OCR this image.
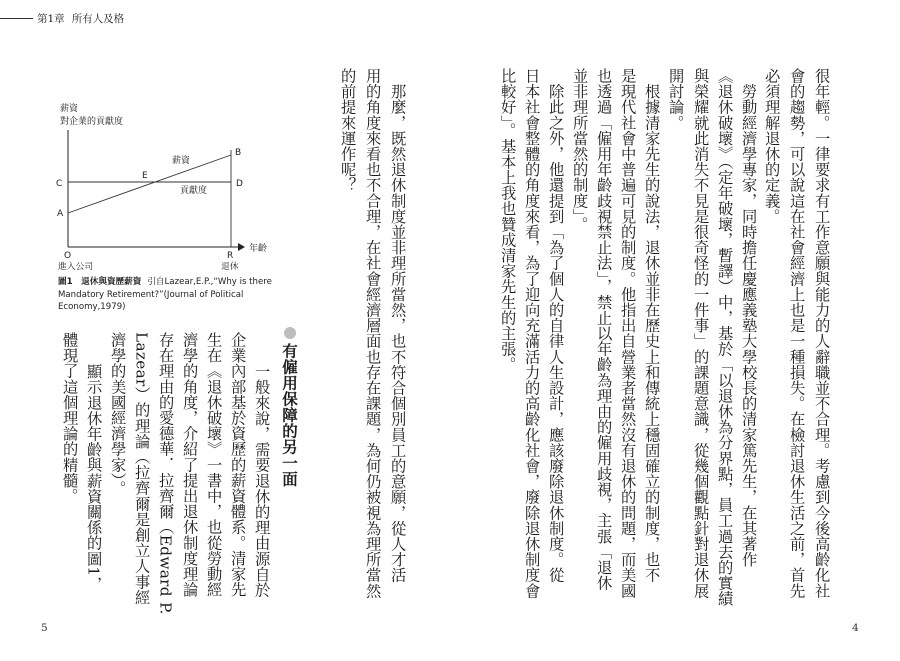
第1章 所有人及格
很年輕。一律要求有工作意願與能力的人辭職並不合理。考慮到今後高齡化社
會的趨勢，可以說這在社會經濟上也是一種損失。在檢討退休生活之前，首先
必須理解退休的定義。
　勞動經濟學專家，同時擔任慶應義塾大學校長的清家篤先生，在其著作
《退休破壞》（定年破壞，暫譯）中，基於「以退休為分界點，員工過去的實績
與榮耀就此消失不見是很奇怪的一件事」的課題意識，從幾個觀點針對退休展
開討論。
　根據清家先生的說法，退休並非在歷史上和傳統上穩固確立的制度，也不
是現代社會中普遍可見的制度。他指出自營業者當然沒有退休的問題，而美國
也透過「僱用年齡歧視禁止法」，禁止以年齡為理由的僱用歧視，主張「退休
並非理所當然的制度」。
　除此之外，他還提到「為了個人的自律人生設計，應該廢除退休制度。從
日本社會整體的角度來看，為了迎向充滿活力的高齡化社會，廢除退休制度會
比較好」。基本上我也贊成清家先生的主張。
　那麼，既然退休制度並非理所當然，也不符合個別員工的意願，從人才活
用的角度來看也不合理，在社會經濟層面也存在課題，為何仍被視為理所當然
的前提來運作呢？
有僱用保障的另一面
　一般來說，需要退休的理由源自於
企業內部基於資歷的薪資體系。清家先
生在《退休破壞》一書中，也從勞動經
濟學的角度，介紹了提出退休制度理論
存在理由的愛德華．拉齊爾（Edward P.
Lazear）的理論（拉齊爾是創立人事經
濟學的美國經濟學家）。
　顯示退休年齡與薪資關係的圖1，
體現了這個理論的精髓。
薪資
對企業的貢獻度
年齡
薪資
貢獻度
A
C
B
D
E
O	R
進入公司	退休
圖1　退休與資歷薪資 引自Lazear,E.P.,“Why is there Mandatory Retirement?”(Journal of Political Economy,1979)
5	4
